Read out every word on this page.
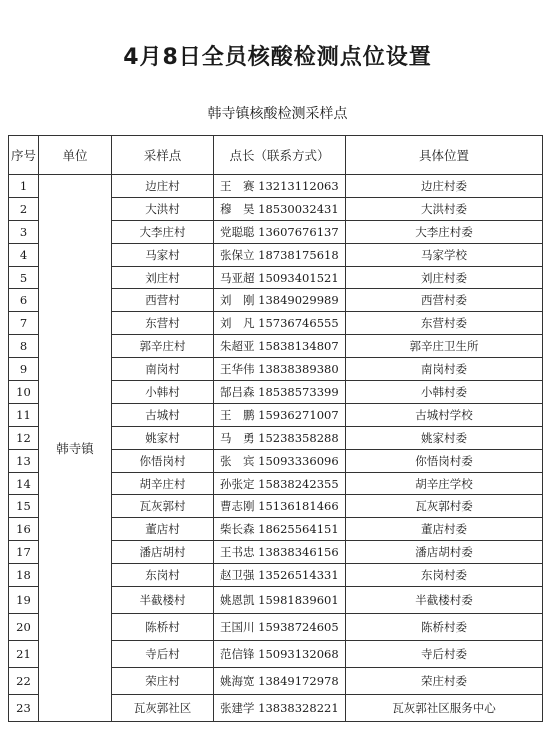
4月8日全员核酸检测点位设置
韩寺镇核酸检测采样点
序号	单位	采样点	点长（联系方式）	具体位置
1	韩寺镇	边庄村	王　赛 13213112063	边庄村委
2		大洪村	穆　昊 18530032431	大洪村委
3		大李庄村	党聪聪 13607676137	大李庄村委
4		马家村	张保立 18738175618	马家学校
5		刘庄村	马亚超 15093401521	刘庄村委
6		西营村	刘　刚 13849029989	西营村委
7		东营村	刘　凡 15736746555	东营村委
8		郭辛庄村	朱超亚 15838134807	郭辛庄卫生所
9		南岗村	王华伟 13838389380	南岗村委
10		小韩村	郜吕森 18538573399	小韩村委
11		古城村	王　鹏 15936271007	古城村学校
12		姚家村	马　勇 15238358288	姚家村委
13		你悟岗村	张　宾 15093336096	你悟岗村委
14		胡辛庄村	孙张定 15838242355	胡辛庄学校
15		瓦灰郭村	曹志刚 15136181466	瓦灰郭村委
16		董店村	柴长森 18625564151	董店村委
17		潘店胡村	王书忠 13838346156	潘店胡村委
18		东岗村	赵卫强 13526514331	东岗村委
19		半截楼村	姚恩凯 15981839601	半截楼村委
20		陈桥村	王国川 15938724605	陈桥村委
21		寺后村	范信锋 15093132068	寺后村委
22		荣庄村	姚海宽 13849172978	荣庄村委
23		瓦灰郭社区	张建学 13838328221	瓦灰郭社区服务中心
